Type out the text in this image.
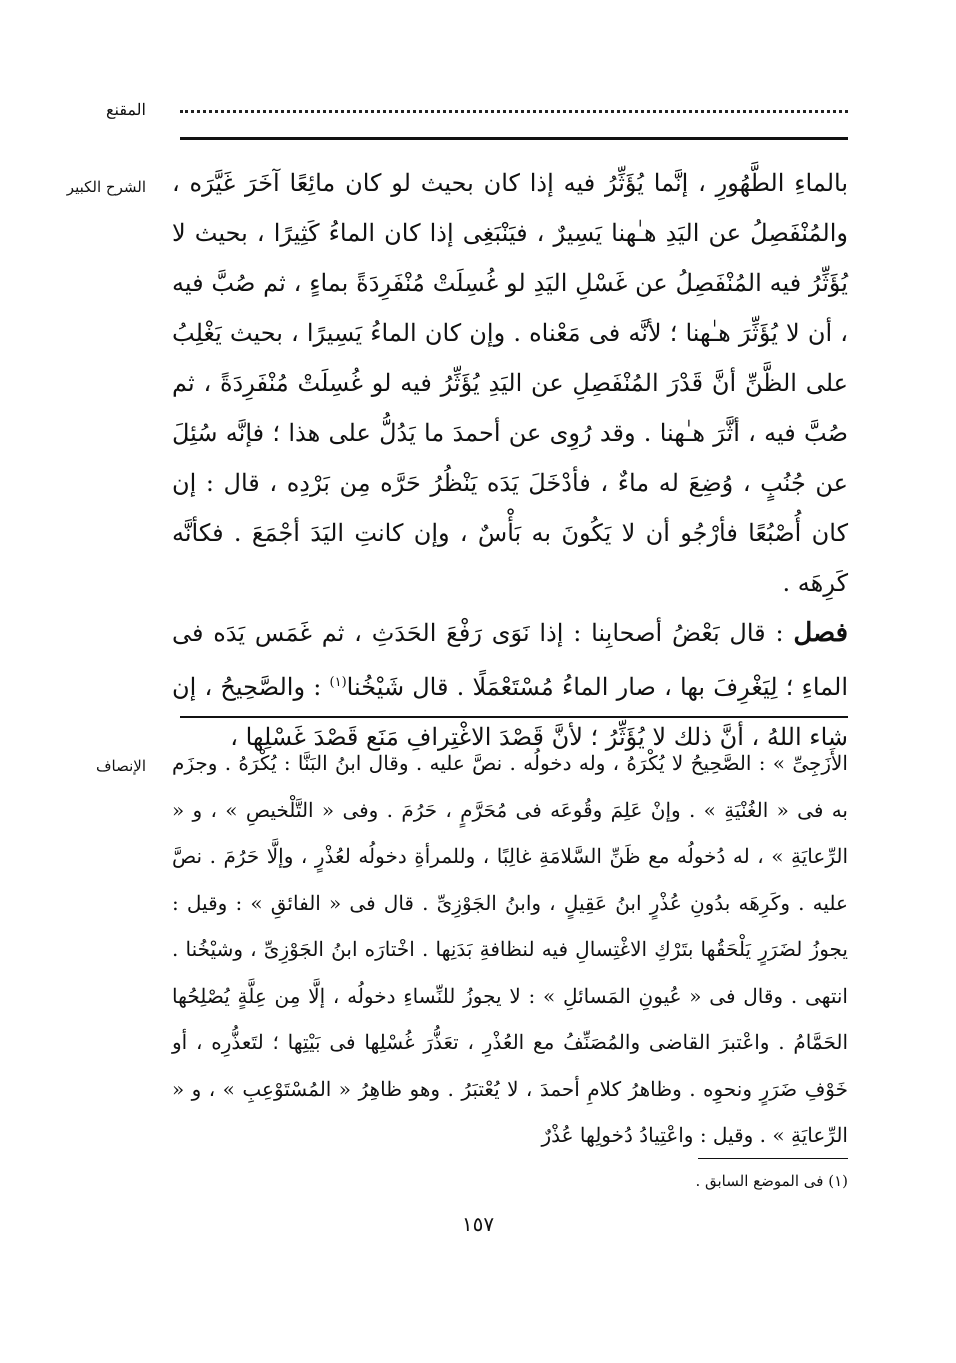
المقنع
الشرح الكبير بالماءِ الطَّهُورِ ، إنَّما يُؤَثِّرُ فيه إذا كان بحيث لو كان مائِعًا آخَرَ غَيَّرَه ، والمُنْفَصِلُ عن اليَدِ هـٰهنا يَسِيرٌ ، فيَنْبَغِى إذا كان الماءُ كَثِيرًا ، بحيث لا يُؤَثِّرُ فيه المُنْفَصِلُ عن غَسْلِ اليَدِ لو غُسِلَتْ مُنْفَرِدَةً بماءٍ ، ثم صُبَّ فيه ، أن لا يُؤَثِّرَ هـٰهنا ؛ لأنَّه فى مَعْناه . وإن كان الماءُ يَسِيرًا ، بحيث يَغْلِبُ على الظَّنِّ أنَّ قَدْرَ المُنْفَصِلِ عن اليَدِ يُؤَثِّرُ فيه لو غُسِلَتْ مُنْفَرِدَةً ، ثم صُبَّ فيه ، أثَّرَ هـٰهنا . وقد رُوِى عن أحمدَ ما يَدُلُّ على هذا ؛ فإنَّه سُئِلَ عن جُنُبٍ ، وُضِعَ له ماءٌ ، فأدْخَلَ يَدَه يَنْظُرُ حَرَّه مِن بَرْدِه ، قال : إن كان أُصْبُعًا فأرْجُو أن لا يَكُونَ به بَأْسٌ ، وإن كانتِ اليَدَ أجْمَعَ . فكأنَّه كَرِهَه .

فصل : قال بَعْضُ أصحابِنا : إذا نَوَى رَفْعَ الحَدَثِ ، ثم غَمَس يَدَه فى الماءِ ؛ لِيَغْرِفَ بها ، صار الماءُ مُسْتَعْمَلًا . قال شَيْخُنا$^{(١)}$ : والصَّحِيحُ ، إن شاء اللهُ ، أنَّ ذلك لا يُؤَثِّرُ ؛ لأنَّ قَصْدَ الاغْتِرافِ مَنَع قَصْدَ غَسْلِها ،

الإنصاف الأَزَجِىِّ » : الصَّحِيحُ لا يُكْرَهُ ، وله دخولُه . نصَّ عليه . وقال ابنُ البَنَّا : يُكْرَهُ . وجزَم به فى « الغُنْيَةِ » . وإنْ عَلِمَ وقُوعَه فى مُحَرَّمٍ ، حَرُمَ . وفى « التَّلْخيصِ » ، و « الرِّعايَةِ » ، له دُخولُه مع ظَنِّ السَّلامَةِ غالِبًا ، وللمرأةِ دخولُه لعُذْرٍ ، وإلَّا حَرُمَ . نصَّ عليه . وكَرِهَه بدُونِ عُذْرٍ ابنُ عَقِيلٍ ، وابنُ الجَوْزِىِّ . قال فى « الفائقِ » : وقيل : يجوزُ لضَرَرٍ يَلْحَقُها بتَرْكِ الاغْتِسالِ فيه لنظافةِ بَدَنِها . اخْتارَه ابنُ الجَوْزِىِّ ، وشيْخُنا . انتهى . وقال فى « عُيونِ المَسائلِ » : لا يجوزُ للنِّساءِ دخولُه ، إلَّا مِن عِلَّةٍ يُصْلِحُها الحَمَّامُ . واعْتبرَ القاضى والمُصَنِّفُ مع العُذْرِ ، تعَذُّرَ غُسْلِها فى بَيْتِها ؛ لتَعذُّرِه ، أو خَوْفِ ضَرَرٍ ونحوِه . وظاهرُ كلامِ أحمدَ ، لا يُعْتبَرُ . وهو ظاهِرُ « المُسْتَوْعِبِ » ، و « الرِّعايَةِ » . وقيل : واعْتِيادُ دُخولِها عُذْرٌ

(١) فى الموضع السابق .
١٥٧
